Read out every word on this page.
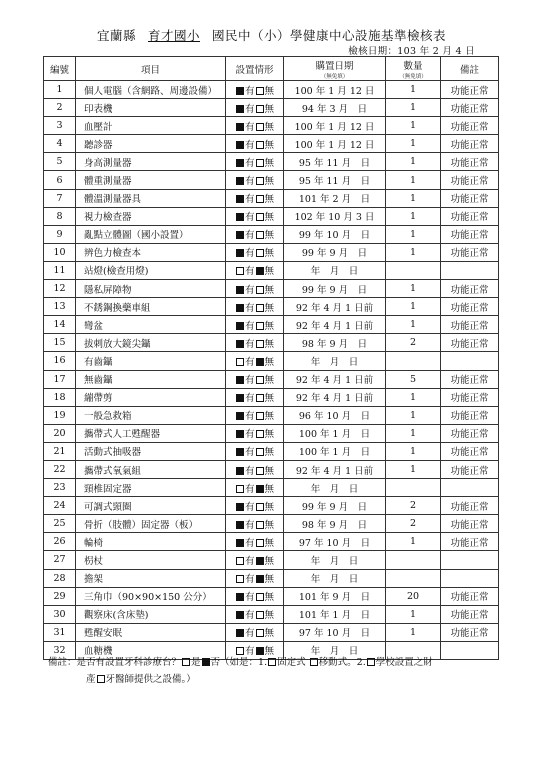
宜蘭縣 育才國小 國民中（小）學健康中心設施基準檢核表
檢核日期：103 年 2 月 4 日
編號	項目	設置情形	購置日期	數量	備註
			（無免填）	（無免填）	
1	個人電腦（含網路、周邊設備）	有 無	100 年 1 月 12 日	1	功能正常
2	印表機	有 無	94 年 3 月　日	1	功能正常
3	血壓計	有 無	100 年 1 月 12 日	1	功能正常
4	聽診器	有 無	100 年 1 月 12 日	1	功能正常
5	身高測量器	有 無	95 年 11 月　日	1	功能正常
6	體重測量器	有 無	95 年 11 月　日	1	功能正常
7	體溫測量器具	有 無	101 年 2 月　日	1	功能正常
8	視力檢查器	有 無	102 年 10 月 3 日	1	功能正常
9	亂點立體圖（國小設置）	有 無	99 年 10 月　日	1	功能正常
10	辨色力檢查本	有 無	99 年 9 月　日	1	功能正常
11	站燈(檢查用燈)	有 無	年　月　日		
12	隱私屏障物	有 無	99 年 9 月　日	1	功能正常
13	不銹鋼換藥車組	有 無	92 年 4 月 1 日前	1	功能正常
14	彎盆	有 無	92 年 4 月 1 日前	1	功能正常
15	拔刺放大鏡尖鑷	有 無	98 年 9 月　日	2	功能正常
16	有齒鑷	有 無	年　月　日		
17	無齒鑷	有 無	92 年 4 月 1 日前	5	功能正常
18	繃帶剪	有 無	92 年 4 月 1 日前	1	功能正常
19	一般急救箱	有 無	96 年 10 月　日	1	功能正常
20	攜帶式人工甦醒器	有 無	100 年 1 月　日	1	功能正常
21	活動式抽吸器	有 無	100 年 1 月　日	1	功能正常
22	攜帶式氧氣組	有 無	92 年 4 月 1 日前	1	功能正常
23	頸椎固定器	有 無	年　月　日		
24	可調式頸圈	有 無	99 年 9 月　日	2	功能正常
25	骨折（肢體）固定器（板）	有 無	98 年 9 月　日	2	功能正常
26	輪椅	有 無	97 年 10 月　日	1	功能正常
27	枴杖	有 無	年　月　日		
28	擔架	有 無	年　月　日		
29	三角巾（90×90×150 公分）	有 無	101 年 9 月　日	20	功能正常
30	觀察床(含床墊)	有 無	101 年 1 月　日	1	功能正常
31	甦醒安眠	有 無	97 年 10 月　日	1	功能正常
32	血糖機	有 無	年　月　日		
備註：是否有設置牙科診療台？ 是 否（如是：1. 固定式 移動式。2. 學校設置之財
產 牙醫師提供之設備。）
